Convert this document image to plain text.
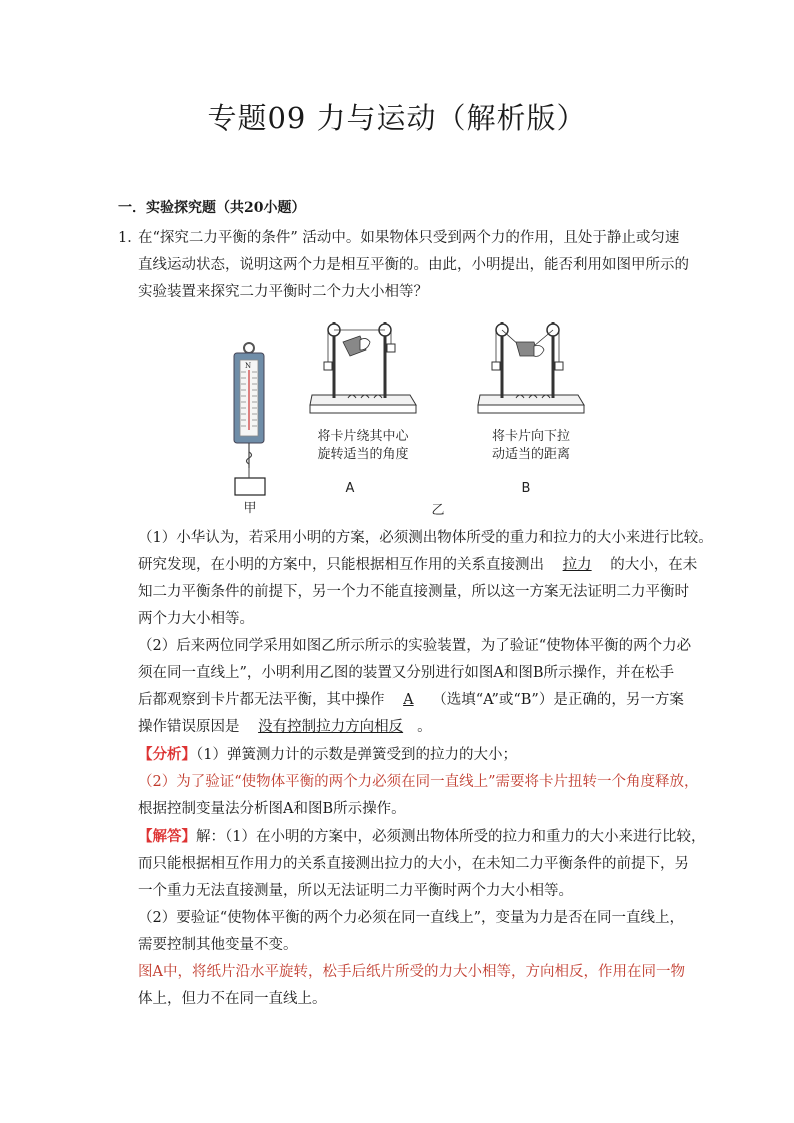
专题09 力与运动（解析版）
一．实验探究题（共20小题）
1．
在“探究二力平衡的条件” 活动中。如果物体只受到两个力的作用，且处于静止或匀速
直线运动状态，说明这两个力是相互平衡的。由此，小明提出，能否利用如图甲所示的
实验装置来探究二力平衡时二个力大小相等？
N
将卡片绕其中心
旋转适当的角度
A
将卡片向下拉
动适当的距离
B
甲	乙
（1）小华认为，若采用小明的方案，必须测出物体所受的重力和拉力的大小来进行比较。
研究发现，在小明的方案中，只能根据相互作用的关系直接测出 拉力 的大小，在未
知二力平衡条件的前提下，另一个力不能直接测量，所以这一方案无法证明二力平衡时
两个力大小相等。
（2）后来两位同学采用如图乙所示所示的实验装置，为了验证“使物体平衡的两个力必
须在同一直线上”，小明利用乙图的装置又分别进行如图A和图B所示操作，并在松手
后都观察到卡片都无法平衡，其中操作 A （选填“A”或“B”）是正确的，另一方案
操作错误原因是 没有控制拉力方向相反 。
【分析】（1）弹簧测力计的示数是弹簧受到的拉力的大小；
（2）为了验证“使物体平衡的两个力必须在同一直线上”需要将卡片扭转一个角度释放，
根据控制变量法分析图A和图B所示操作。
【解答】解：（1）在小明的方案中，必须测出物体所受的拉力和重力的大小来进行比较，
而只能根据相互作用力的关系直接测出拉力的大小，在未知二力平衡条件的前提下，另
一个重力无法直接测量，所以无法证明二力平衡时两个力大小相等。
（2）要验证“使物体平衡的两个力必须在同一直线上”，变量为力是否在同一直线上，
需要控制其他变量不变。
图A中，将纸片沿水平旋转，松手后纸片所受的力大小相等，方向相反，作用在同一物
体上，但力不在同一直线上。
